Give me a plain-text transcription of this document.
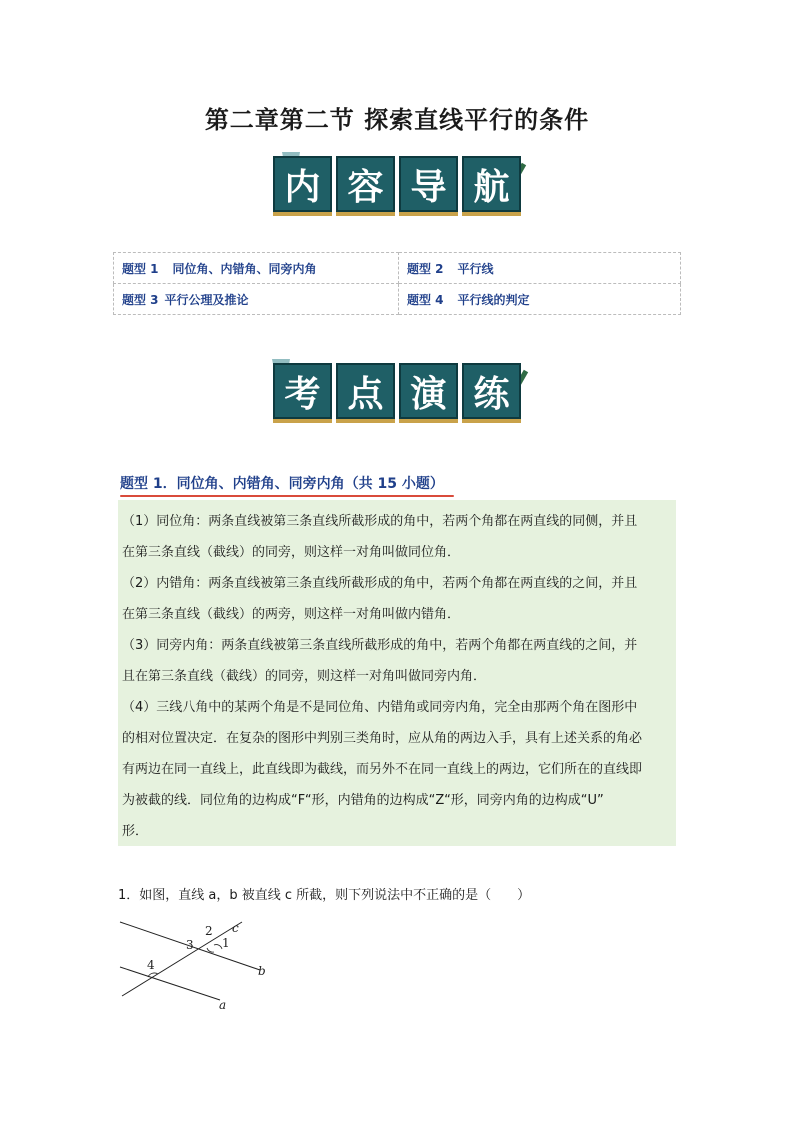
第二章第二节 探索直线平行的条件
内 容 导 航
题型 1 同位角、内错角、同旁内角	题型 2 平行线
题型 3 平行公理及推论	题型 4 平行线的判定
考 点 演 练
题型 1．同位角、内错角、同旁内角（共 15 小题）

（1）同位角：两条直线被第三条直线所截形成的角中，若两个角都在两直线的同侧，并且

在第三条直线（截线）的同旁，则这样一对角叫做同位角．

（2）内错角：两条直线被第三条直线所截形成的角中，若两个角都在两直线的之间，并且

在第三条直线（截线）的两旁，则这样一对角叫做内错角．

（3）同旁内角：两条直线被第三条直线所截形成的角中，若两个角都在两直线的之间，并

且在第三条直线（截线）的同旁，则这样一对角叫做同旁内角．

（4）三线八角中的某两个角是不是同位角、内错角或同旁内角，完全由那两个角在图形中

的相对位置决定．在复杂的图形中判别三类角时，应从角的两边入手，具有上述关系的角必

有两边在同一直线上，此直线即为截线，而另外不在同一直线上的两边，它们所在的直线即

为被截的线．同位角的边构成“F“形，内错角的边构成“Z“形，同旁内角的边构成“U”

形．

1．如图，直线 a，b 被直线 c 所截，则下列说法中不正确的是（　　）
c
b
a
1
2
3
4
